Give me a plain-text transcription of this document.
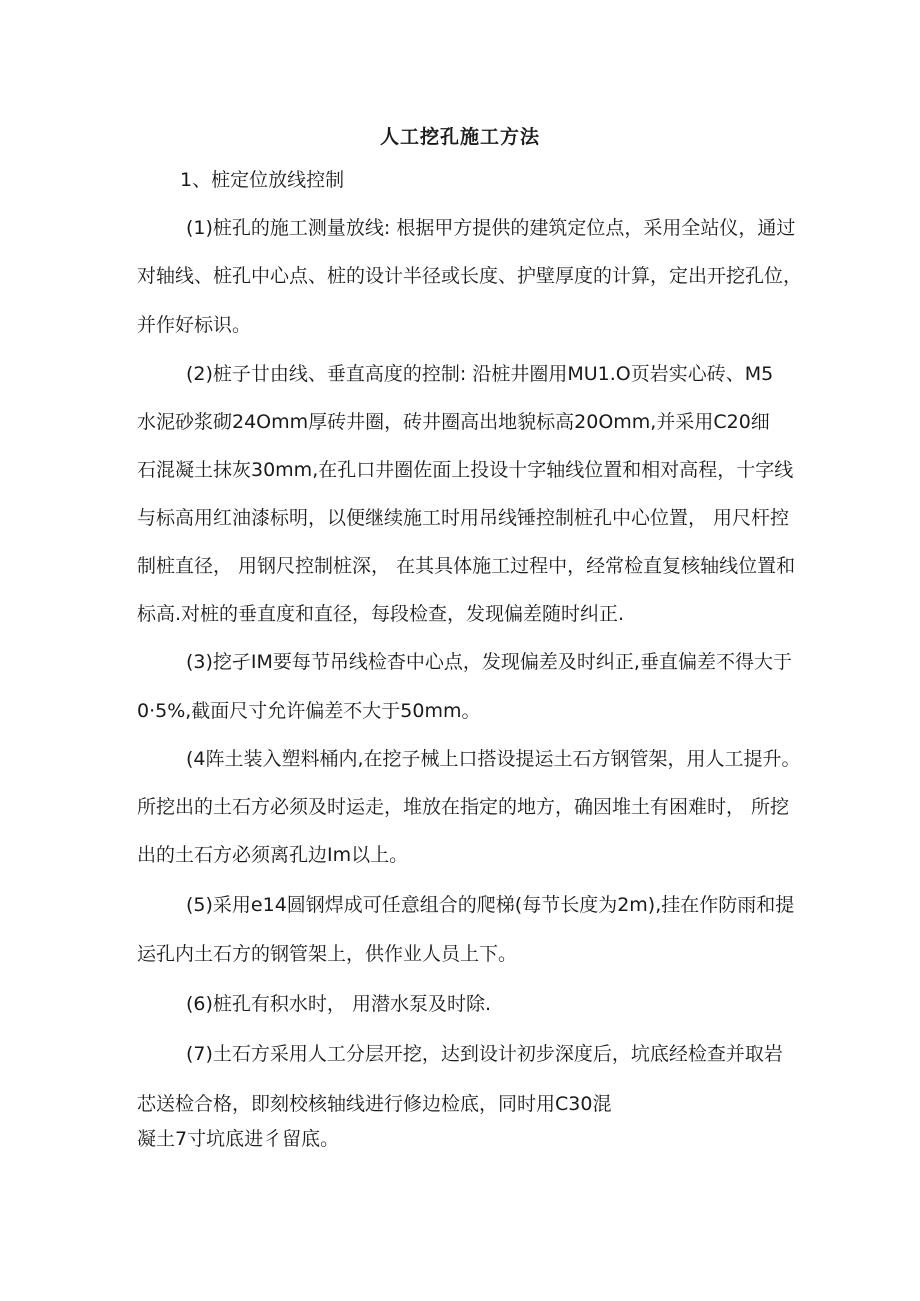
人工挖孔施工方法
1、桩定位放线控制
(1)桩孔的施工测量放线: 根据甲方提供的建筑定位点，采用全站仪，通过
对轴线、桩孔中心点、桩的设计半径或长度、护壁厚度的计算，定出开挖孔位，
并作好标识。
(2)桩子廿由线、垂直高度的控制: 沿桩井圈用MU1.O页岩实心砖、M5
水泥砂浆砌24Omm厚砖井圈，砖井圈高出地貌标高20Omm,并采用C20细
石混凝土抹灰30mm,在孔口井圈佐面上投设十字轴线位置和相对高程，十字线
与标高用红油漆标明，以便继续施工时用吊线锤控制桩孔中心位置， 用尺杆控
制桩直径， 用钢尺控制桩深， 在其具体施工过程中，经常检直复核轴线位置和
标高.对桩的垂直度和直径，每段检查，发现偏差随时纠正.
(3)挖孑IM要每节吊线检杳中心点，发现偏差及时纠正,垂直偏差不得大于
0·5%,截面尺寸允许偏差不大于50mm。
(4阵土装入塑料桶内,在挖子械上口搭设提运土石方钢管架，用人工提升。
所挖出的土石方必须及时运走，堆放在指定的地方，确因堆土有困难时， 所挖
出的土石方必须离孔边Im以上。
(5)采用e14圆钢焊成可任意组合的爬梯(每节长度为2m),挂在作防雨和提
运孔内土石方的钢管架上，供作业人员上下。
(6)桩孔有积水时， 用潜水泵及时除.
(7)土石方采用人工分层开挖，达到设计初步深度后，坑底经检查并取岩
芯送检合格，即刻校核轴线进行修边检底，同时用C30混
凝土7寸坑底进彳留底。
